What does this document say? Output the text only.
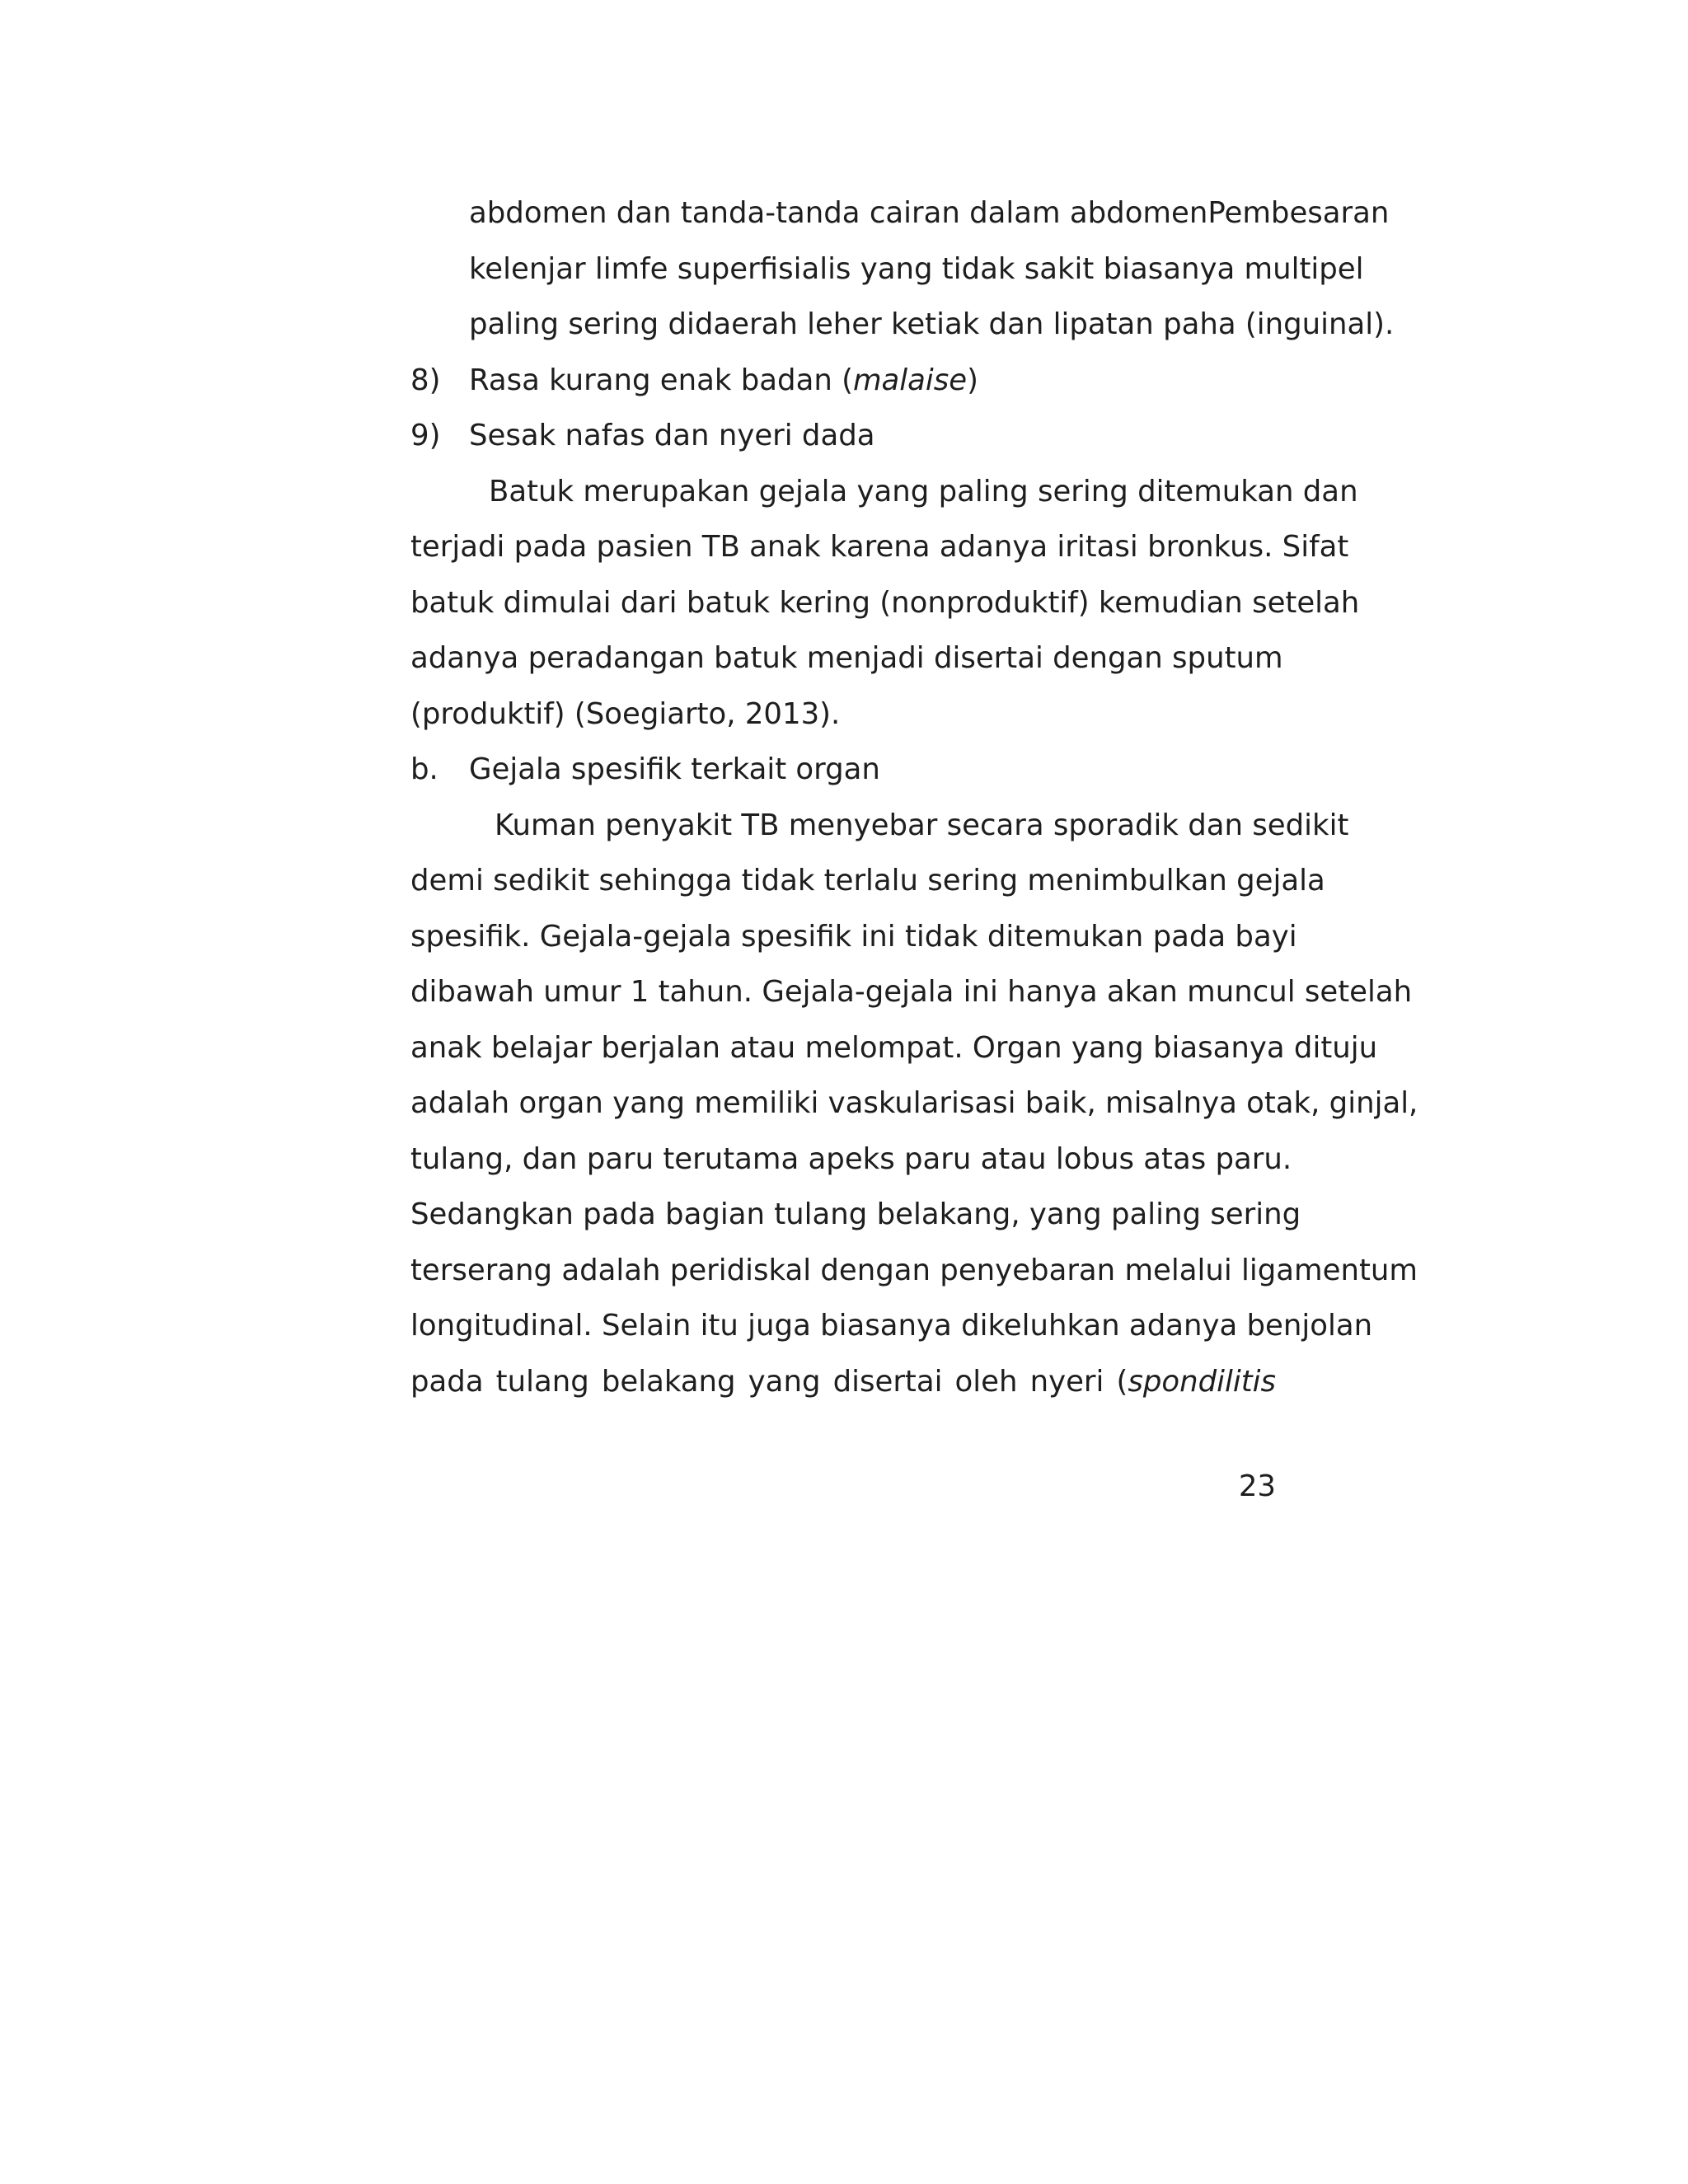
abdomen dan tanda-tanda cairan dalam abdomenPembesaran
kelenjar limfe superfisialis yang tidak sakit biasanya multipel
paling sering didaerah leher ketiak dan lipatan paha (inguinal).
8) Rasa kurang enak badan (malaise)
9) Sesak nafas dan nyeri dada
Batuk merupakan gejala yang paling sering ditemukan dan
terjadi pada pasien TB anak karena adanya iritasi bronkus. Sifat
batuk dimulai dari batuk kering (nonproduktif) kemudian setelah
adanya peradangan batuk menjadi disertai dengan sputum
(produktif) (Soegiarto, 2013).
b.	Gejala spesifik terkait organ
Kuman penyakit TB menyebar secara sporadik dan sedikit
demi sedikit sehingga tidak terlalu sering menimbulkan gejala
spesifik. Gejala-gejala spesifik ini tidak ditemukan pada bayi
dibawah umur 1 tahun. Gejala-gejala ini hanya akan muncul setelah
anak belajar berjalan atau melompat. Organ yang biasanya dituju
adalah organ yang memiliki vaskularisasi baik, misalnya otak, ginjal,
tulang, dan paru terutama apeks paru atau lobus atas paru.
Sedangkan pada bagian tulang belakang, yang paling sering
terserang adalah peridiskal dengan penyebaran melalui ligamentum
longitudinal. Selain itu juga biasanya dikeluhkan adanya benjolan
pada tulang belakang yang disertai oleh nyeri (spondilitis
23
